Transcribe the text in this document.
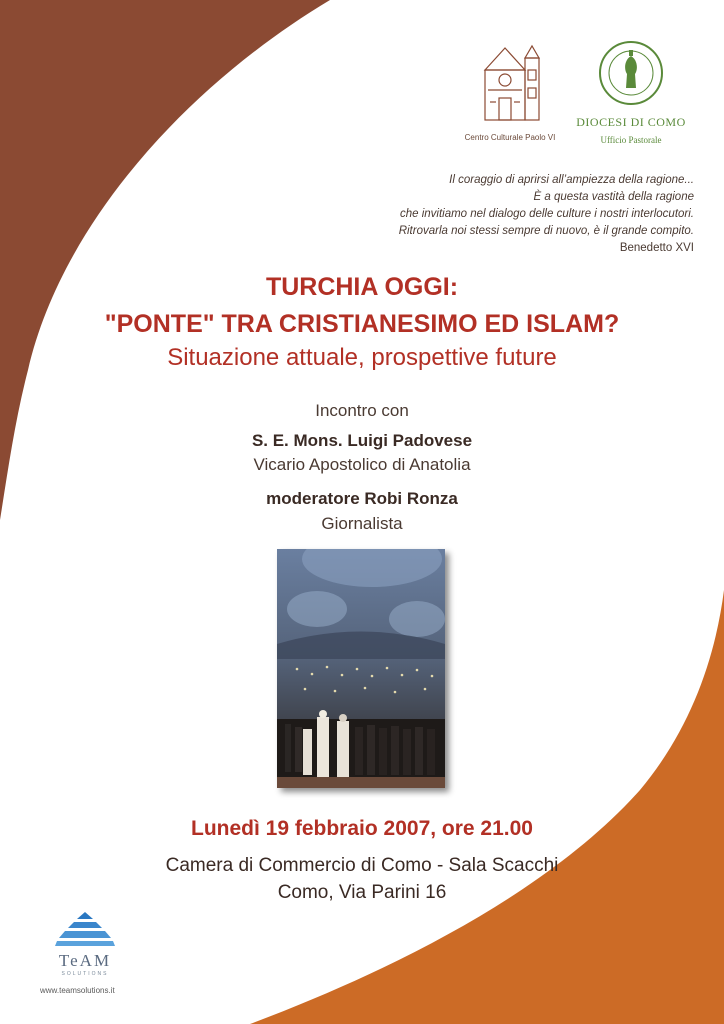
Centro Culturale Paolo VI
DIOCESI DI COMO
Ufficio Pastorale
Il coraggio di aprirsi all’ampiezza della ragione...
È a questa vastità della ragione
che invitiamo nel dialogo delle culture i nostri interlocutori.
Ritrovarla noi stessi sempre di nuovo, è il grande compito.
Benedetto XVI
TURCHIA OGGI:
"PONTE" TRA CRISTIANESIMO ED ISLAM?
Situazione attuale, prospettive future
Incontro con
S. E. Mons. Luigi Padovese
Vicario Apostolico di Anatolia
moderatore Robi Ronza
Giornalista
Lunedì 19 febbraio 2007, ore 21.00
Camera di Commercio di Como - Sala Scacchi
Como, Via Parini 16
TeAM
SOLUTIONS
www.teamsolutions.it
